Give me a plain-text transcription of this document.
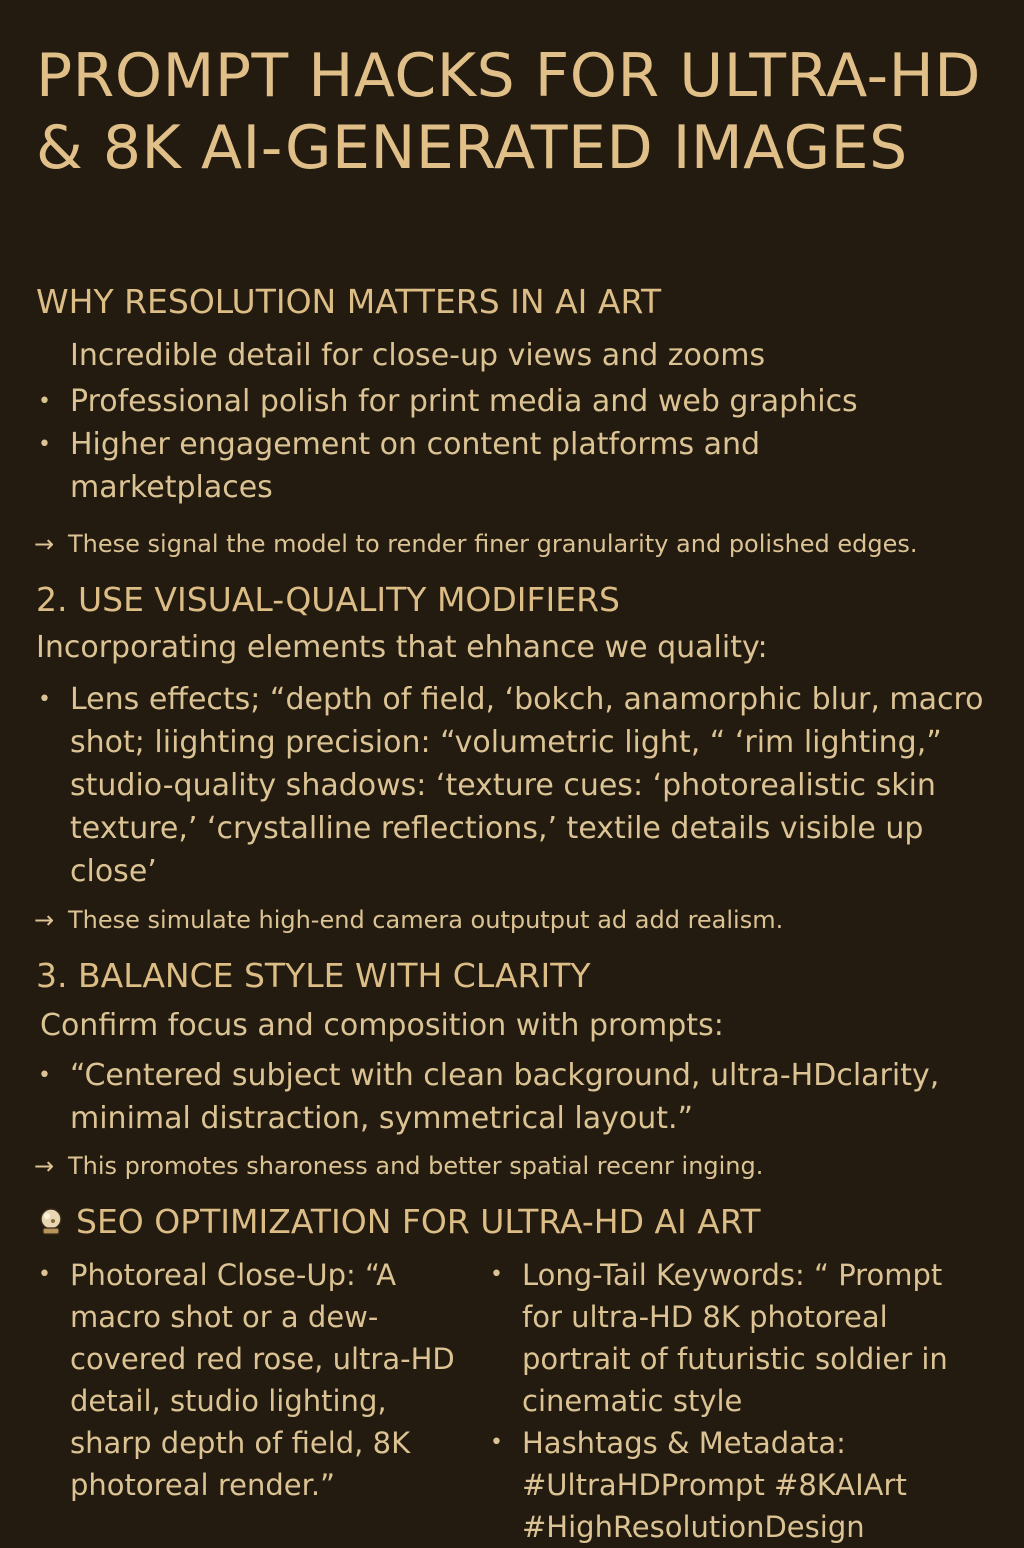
PROMPT HACKS FOR ULTRA-HD & 8K AI-GENERATED IMAGES
WHY RESOLUTION MATTERS IN AI ART
Incredible detail for close-up views and zooms
• Professional polish for print media and web graphics
• Higher engagement on content platforms and marketplaces
→ These signal the model to render finer granularity and polished edges.
2. USE VISUAL-QUALITY MODIFIERS
Incorporating elements that ehhance we quality:
• Lens effects; “depth of field, ‘bokch, anamorphic blur, macro shot; liighting precision: “volumetric light, “ ‘rim lighting,” studio-quality shadows: ‘texture cues: ‘photorealistic skin texture,’ ‘crystalline reflections,’ textile details visible up close’
→ These simulate high-end camera outputput ad add realism.
3. BALANCE STYLE WITH CLARITY
Confirm focus and composition with prompts:
• “Centered subject with clean background, ultra-HDclarity, minimal distraction, symmetrical layout.”
→ This promotes sharoness and better spatial recenr inging.
SEO OPTIMIZATION FOR ULTRA-HD AI ART
• Photoreal Close-Up: “A macro shot or a dew-covered red rose, ultra-HD detail, studio lighting, sharp depth of field, 8K photoreal render.”
• Long-Tail Keywords: “ Prompt for ultra-HD 8K photoreal portrait of futuristic soldier in cinematic style
• Hashtags & Metadata: #UltraHDPrompt #8KAIArt #HighResolutionDesign
